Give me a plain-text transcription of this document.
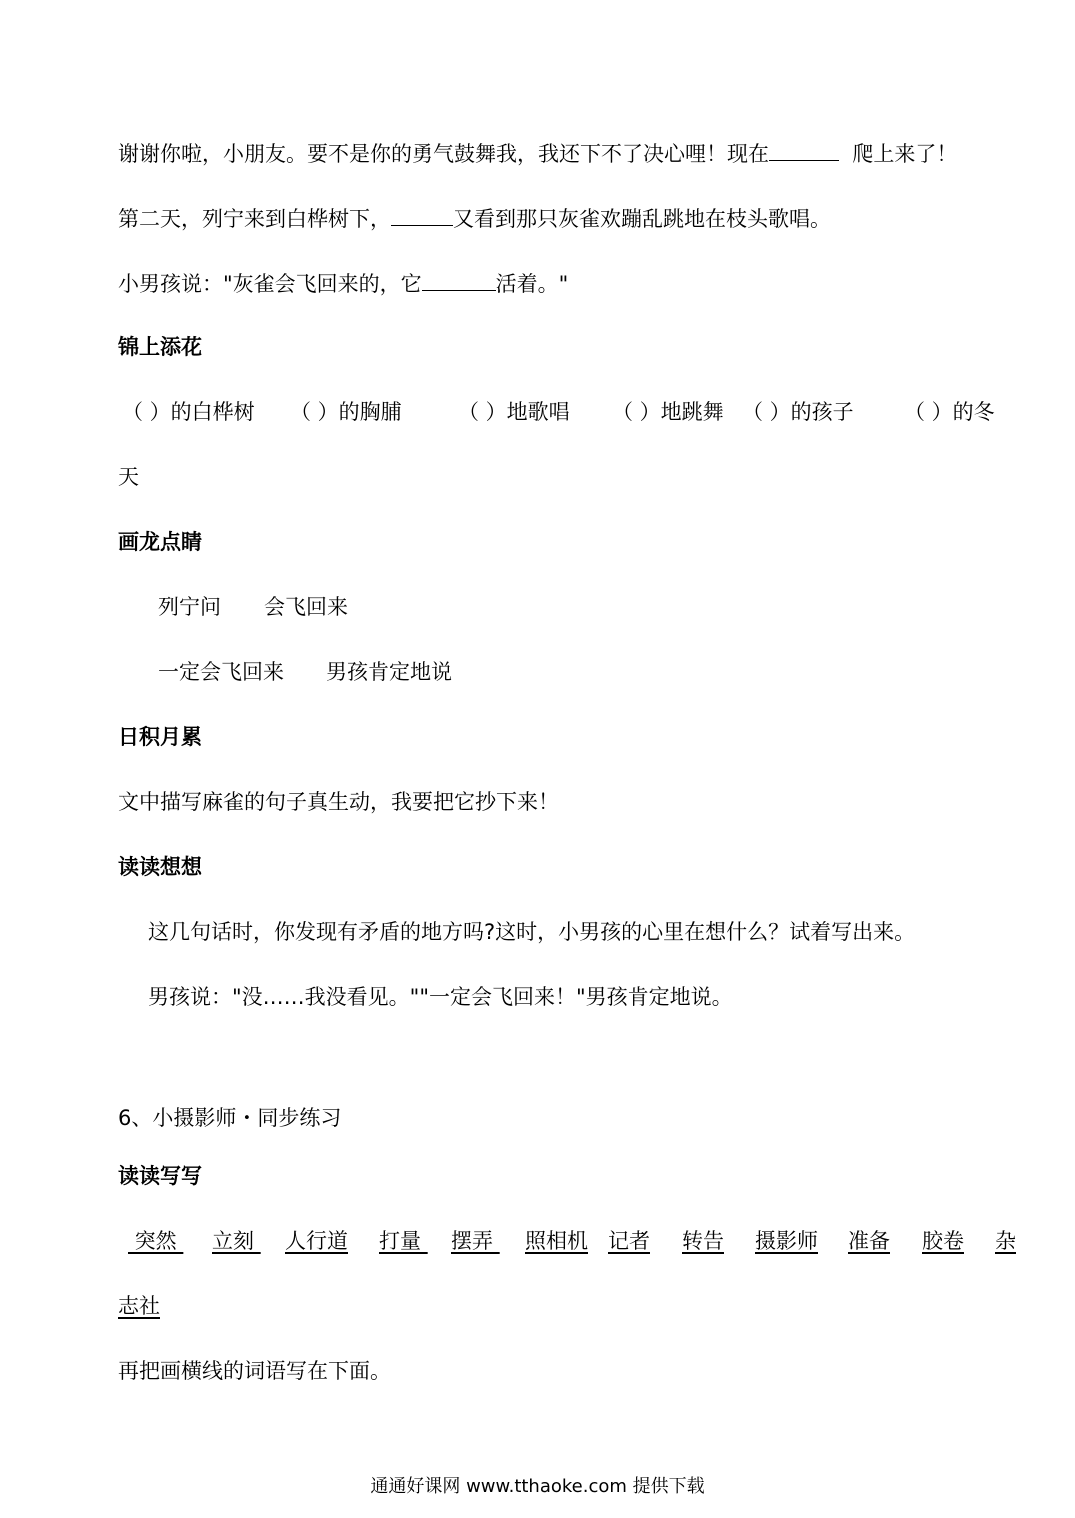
谢谢你啦，小朋友。要不是你的勇气鼓舞我，我还下不了决心哩！现在	爬上来了！
第二天，列宁来到白桦树下，	又看到那只灰雀欢蹦乱跳地在枝头歌唱。
小男孩说："灰雀会飞回来的，它	活着。"
锦上添花
（ ）的白桦树 （ ）的胸脯	（ ）地歌唱 （ ）地跳舞 （ ）的孩子 （ ）的冬
天
画龙点睛
列宁问 会飞回来
一定会飞回来 男孩肯定地说
日积月累
文中描写麻雀的句子真生动，我要把它抄下来！
读读想想
这几句话时，你发现有矛盾的地方吗?这时，小男孩的心里在想什么？试着写出来。
男孩说："没……我没看见。""一定会飞回来！"男孩肯定地说。
6、小摄影师・同步练习
读读写写
突然 立刻 人行道 打量 摆弄 照相机 记者 转告 摄影师 准备 胶卷 杂
志社
再把画横线的词语写在下面。
通通好课网 www.tthaoke.com 提供下载
